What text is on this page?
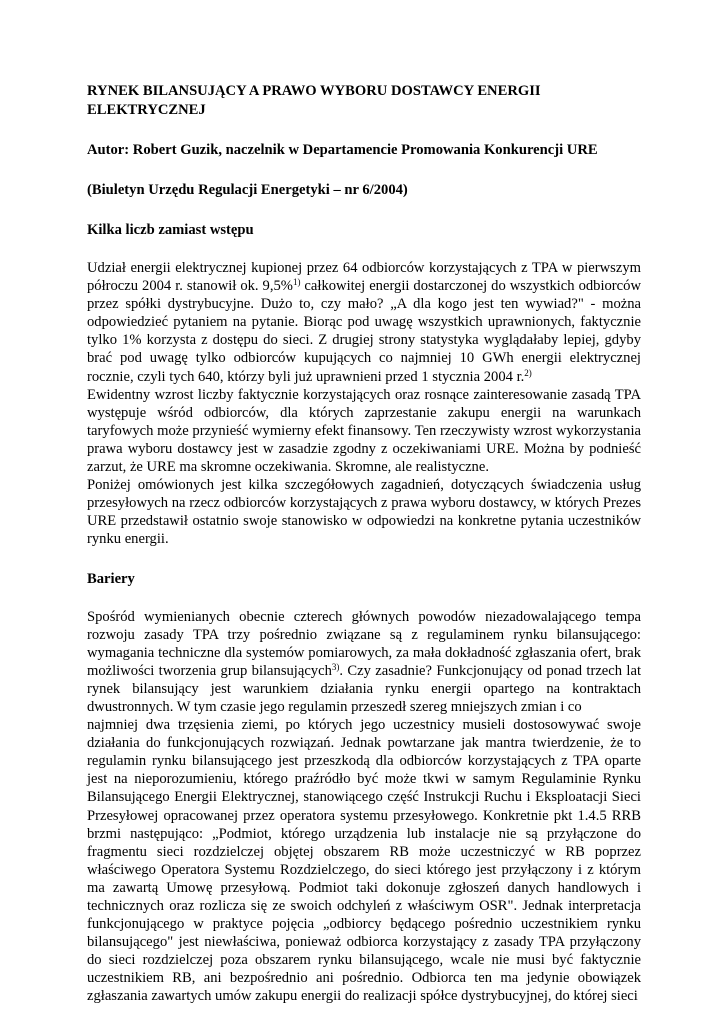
RYNEK BILANSUJĄCY A PRAWO WYBORU DOSTAWCY ENERGII ELEKTRYCZNEJ

Autor: Robert Guzik, naczelnik w Departamencie Promowania Konkurencji URE

(Biuletyn Urzędu Regulacji Energetyki – nr 6/2004)

Kilka liczb zamiast wstępu

Udział energii elektrycznej kupionej przez 64 odbiorców korzystających z TPA w pierwszym półroczu 2004 r. stanowił ok. 9,5%$^{1)}$ całkowitej energii dostarczonej do wszystkich odbiorców przez spółki dystrybucyjne. Dużo to, czy mało? „A dla kogo jest ten wywiad?" - można odpowiedzieć pytaniem na pytanie. Biorąc pod uwagę wszystkich uprawnionych, faktycznie tylko 1% korzysta z dostępu do sieci. Z drugiej strony statystyka wyglądałaby lepiej, gdyby brać pod uwagę tylko odbiorców kupujących co najmniej 10 GWh energii elektrycznej rocznie, czyli tych 640, którzy byli już uprawnieni przed 1 stycznia 2004 r.$^{2)}$

Ewidentny wzrost liczby faktycznie korzystających oraz rosnące zainteresowanie zasadą TPA występuje wśród odbiorców, dla których zaprzestanie zakupu energii na warunkach taryfowych może przynieść wymierny efekt finansowy. Ten rzeczywisty wzrost wykorzystania prawa wyboru dostawcy jest w zasadzie zgodny z oczekiwaniami URE. Można by podnieść zarzut, że URE ma skromne oczekiwania. Skromne, ale realistyczne.

Poniżej omówionych jest kilka szczegółowych zagadnień, dotyczących świadczenia usług przesyłowych na rzecz odbiorców korzystających z prawa wyboru dostawcy, w których Prezes URE przedstawił ostatnio swoje stanowisko w odpowiedzi na konkretne pytania uczestników rynku energii.

Bariery

Spośród wymienianych obecnie czterech głównych powodów niezadowalającego tempa rozwoju zasady TPA trzy pośrednio związane są z regulaminem rynku bilansującego: wymagania techniczne dla systemów pomiarowych, za mała dokładność zgłaszania ofert, brak możliwości tworzenia grup bilansujących$^{3)}$. Czy zasadnie? Funkcjonujący od ponad trzech lat rynek bilansujący jest warunkiem działania rynku energii opartego na kontraktach dwustronnych. W tym czasie jego regulamin przeszedł szereg mniejszych zmian i co

najmniej dwa trzęsienia ziemi, po których jego uczestnicy musieli dostosowywać swoje działania do funkcjonujących rozwiązań. Jednak powtarzane jak mantra twierdzenie, że to regulamin rynku bilansującego jest przeszkodą dla odbiorców korzystających z TPA oparte jest na nieporozumieniu, którego praźródło być może tkwi w samym Regulaminie Rynku Bilansującego Energii Elektrycznej, stanowiącego część Instrukcji Ruchu i Eksploatacji Sieci Przesyłowej opracowanej przez operatora systemu przesyłowego. Konkretnie pkt 1.4.5 RRB brzmi następująco: „Podmiot, którego urządzenia lub instalacje nie są przyłączone do fragmentu sieci rozdzielczej objętej obszarem RB może uczestniczyć w RB poprzez właściwego Operatora Systemu Rozdzielczego, do sieci którego jest przyłączony i z którym ma zawartą Umowę przesyłową. Podmiot taki dokonuje zgłoszeń danych handlowych i technicznych oraz rozlicza się ze swoich odchyleń z właściwym OSR". Jednak interpretacja funkcjonującego w praktyce pojęcia „odbiorcy będącego pośrednio uczestnikiem rynku bilansującego" jest niewłaściwa, ponieważ odbiorca korzystający z zasady TPA przyłączony do sieci rozdzielczej poza obszarem rynku bilansującego, wcale nie musi być faktycznie uczestnikiem RB, ani bezpośrednio ani pośrednio. Odbiorca ten ma jedynie obowiązek zgłaszania zawartych umów zakupu energii do realizacji spółce dystrybucyjnej, do której sieci
